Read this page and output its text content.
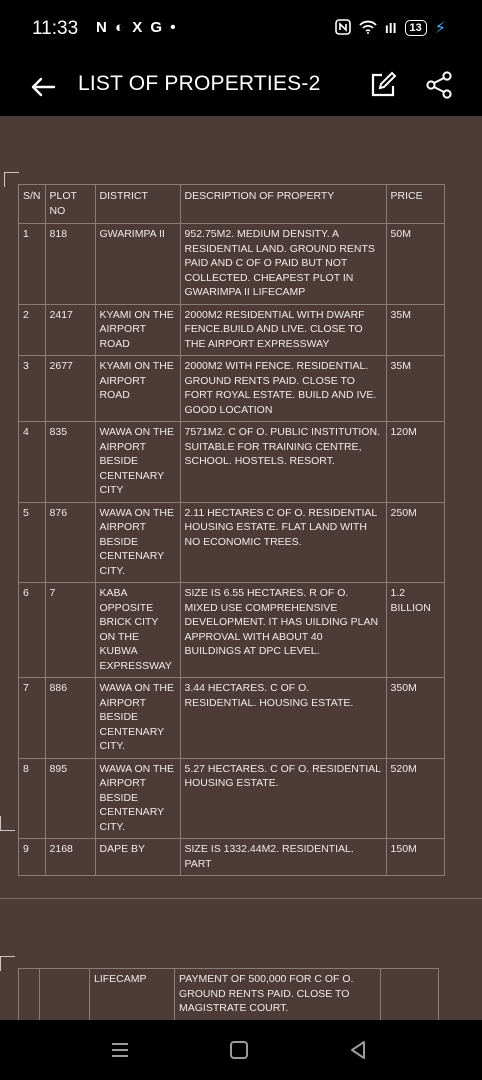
11:33 N ◐ X G •	ıll	13 ⚡
LIST OF PROPERTIES-2
S/N	PLOT NO	DISTRICT	DESCRIPTION OF PROPERTY	PRICE
1	818	GWARIMPA II	952.75M2. MEDIUM DENSITY. A RESIDENTIAL LAND. GROUND RENTS PAID AND C OF O PAID BUT NOT COLLECTED. CHEAPEST PLOT IN GWARIMPA II LIFECAMP	50M
2	2417	KYAMI ON THE AIRPORT ROAD	2000M2 RESIDENTIAL WITH DWARF FENCE.BUILD AND LIVE. CLOSE TO THE AIRPORT EXPRESSWAY	35M
3	2677	KYAMI ON THE AIRPORT ROAD	2000M2 WITH FENCE. RESIDENTIAL. GROUND RENTS PAID. CLOSE TO FORT ROYAL ESTATE. BUILD AND IVE. GOOD LOCATION	35M
4	835	WAWA ON THE AIRPORT BESIDE CENTENARY CITY	7571M2. C OF O. PUBLIC INSTITUTION. SUITABLE FOR TRAINING CENTRE, SCHOOL. HOSTELS. RESORT.	120M
5	876	WAWA ON THE AIRPORT BESIDE CENTENARY CITY.	2.11 HECTARES C OF O. RESIDENTIAL HOUSING ESTATE. FLAT LAND WITH NO ECONOMIC TREES.	250M
6	7	KABA OPPOSITE BRICK CITY ON THE KUBWA EXPRESSWAY	SIZE IS 6.55 HECTARES. R OF O. MIXED USE COMPREHENSIVE DEVELOPMENT. IT HAS UILDING PLAN APPROVAL WITH ABOUT 40 BUILDINGS AT DPC LEVEL.	1.2 BILLION
7	886	WAWA ON THE AIRPORT BESIDE CENTENARY CITY.	3.44 HECTARES. C OF O. RESIDENTIAL. HOUSING ESTATE.	350M
8	895	WAWA ON THE AIRPORT BESIDE CENTENARY CITY.	5.27 HECTARES. C OF O. RESIDENTIAL HOUSING ESTATE.	520M
9	2168	DAPE BY	SIZE IS 1332.44M2. RESIDENTIAL. PART	150M
		LIFECAMP	PAYMENT OF 500,000 FOR C OF O. GROUND RENTS PAID. CLOSE TO MAGISTRATE COURT.	
